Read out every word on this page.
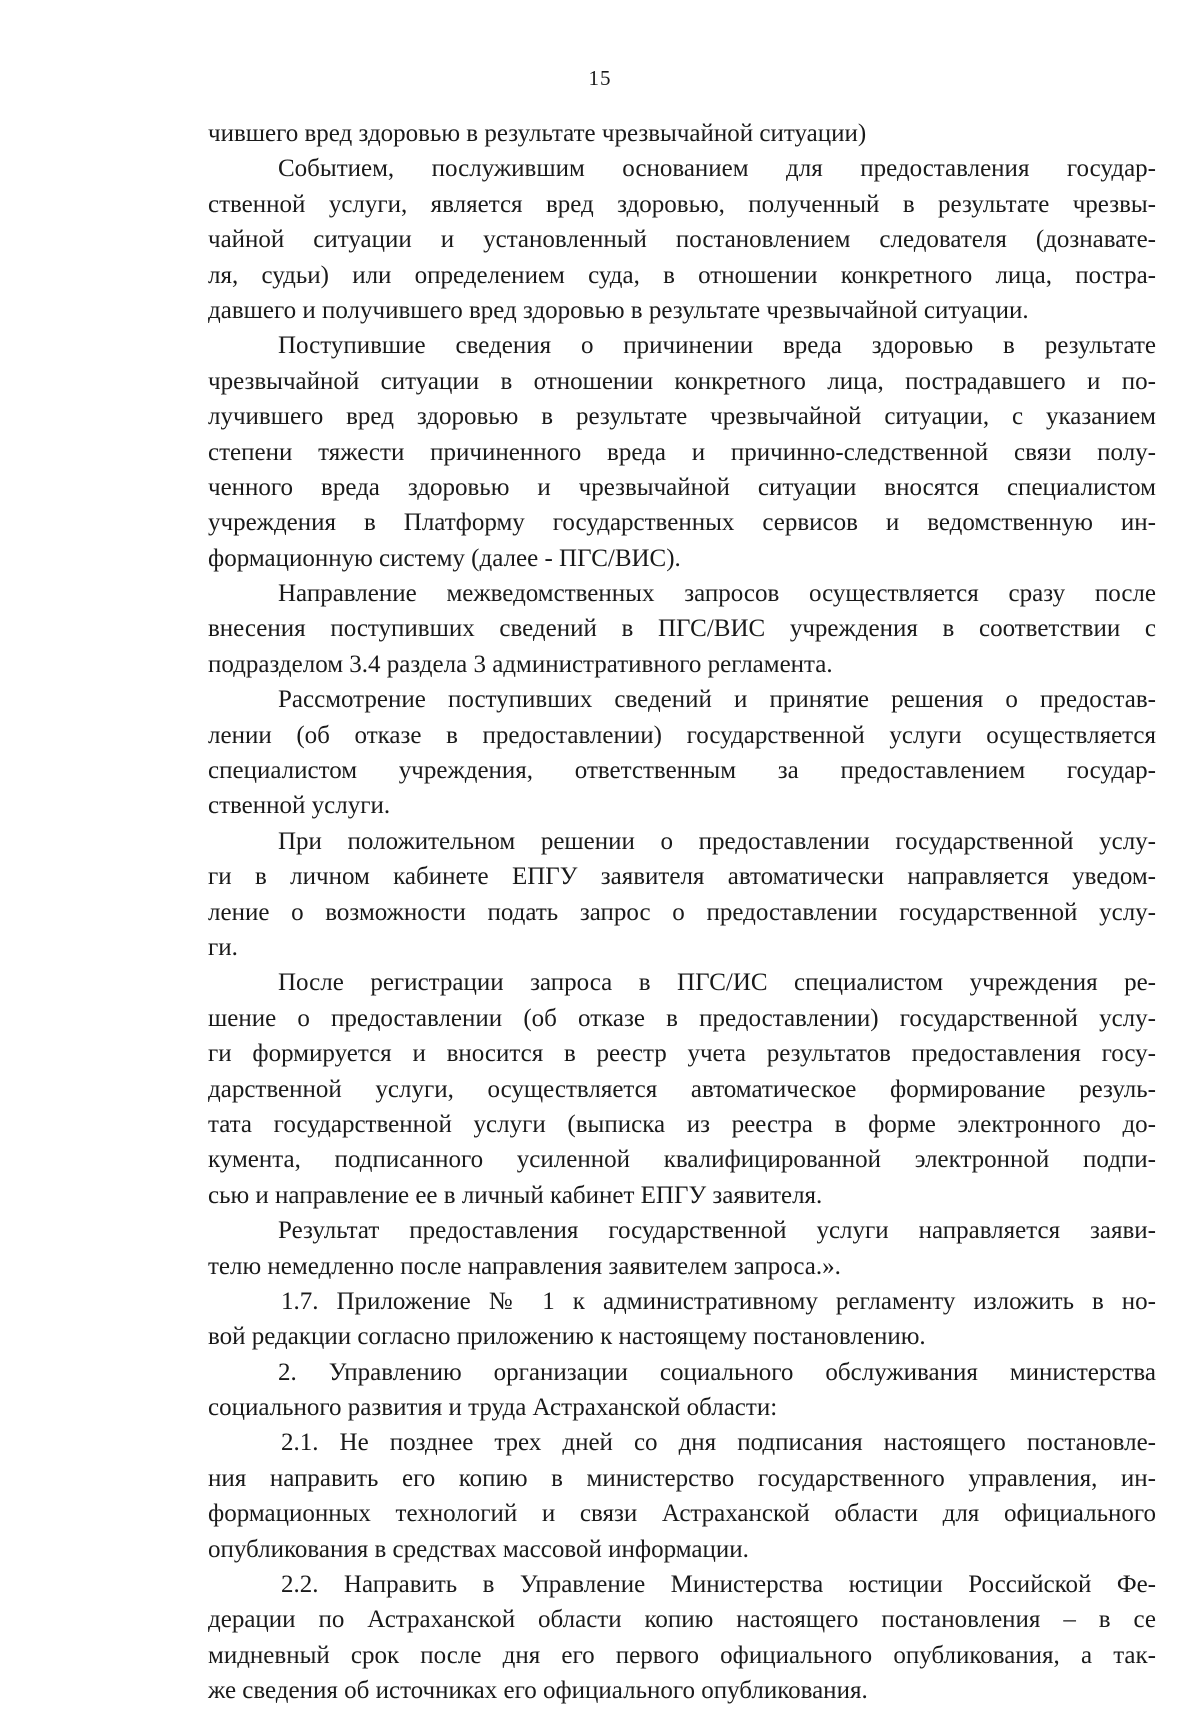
15
чившего вред здоровью в результате чрезвычайной ситуации)
Событием, послужившим основанием для предоставления государ-
ственной услуги, является вред здоровью, полученный в результате чрезвы-
чайной ситуации и установленный постановлением следователя (дознавате-
ля, судьи) или определением суда, в отношении конкретного лица, постра-
давшего и получившего вред здоровью в результате чрезвычайной ситуации.
Поступившие сведения о причинении вреда здоровью в результате
чрезвычайной ситуации в отношении конкретного лица, пострадавшего и по-
лучившего вред здоровью в результате чрезвычайной ситуации, с указанием
степени тяжести причиненного вреда и причинно-следственной связи полу-
ченного вреда здоровью и чрезвычайной ситуации вносятся специалистом
учреждения в Платформу государственных сервисов и ведомственную ин-
формационную систему (далее - ПГС/ВИС).
Направление межведомственных запросов осуществляется сразу после
внесения поступивших сведений в ПГС/ВИС учреждения в соответствии с
подразделом 3.4 раздела 3 административного регламента.
Рассмотрение поступивших сведений и принятие решения о предостав-
лении (об отказе в предоставлении) государственной услуги осуществляется
специалистом учреждения, ответственным за предоставлением государ-
ственной услуги.
При положительном решении о предоставлении государственной услу-
ги в личном кабинете ЕПГУ заявителя автоматически направляется уведом-
ление о возможности подать запрос о предоставлении государственной услу-
ги.
После регистрации запроса в ПГС/ИС специалистом учреждения ре-
шение о предоставлении (об отказе в предоставлении) государственной услу-
ги формируется и вносится в реестр учета результатов предоставления госу-
дарственной услуги, осуществляется автоматическое формирование резуль-
тата государственной услуги (выписка из реестра в форме электронного до-
кумента, подписанного усиленной квалифицированной электронной подпи-
сью и направление ее в личный кабинет ЕПГУ заявителя.
Результат предоставления государственной услуги направляется заяви-
телю немедленно после направления заявителем запроса.».
1.7. Приложение № 1 к административному регламенту изложить в но-
вой редакции согласно приложению к настоящему постановлению.
2. Управлению организации социального обслуживания министерства
социального развития и труда Астраханской области:
2.1. Не позднее трех дней со дня подписания настоящего постановле-
ния направить его копию в министерство государственного управления, ин-
формационных технологий и связи Астраханской области для официального
опубликования в средствах массовой информации.
2.2. Направить в Управление Министерства юстиции Российской Фе-
дерации по Астраханской области копию настоящего постановления – в се
мидневный срок после дня его первого официального опубликования, а так-
же сведения об источниках его официального опубликования.
